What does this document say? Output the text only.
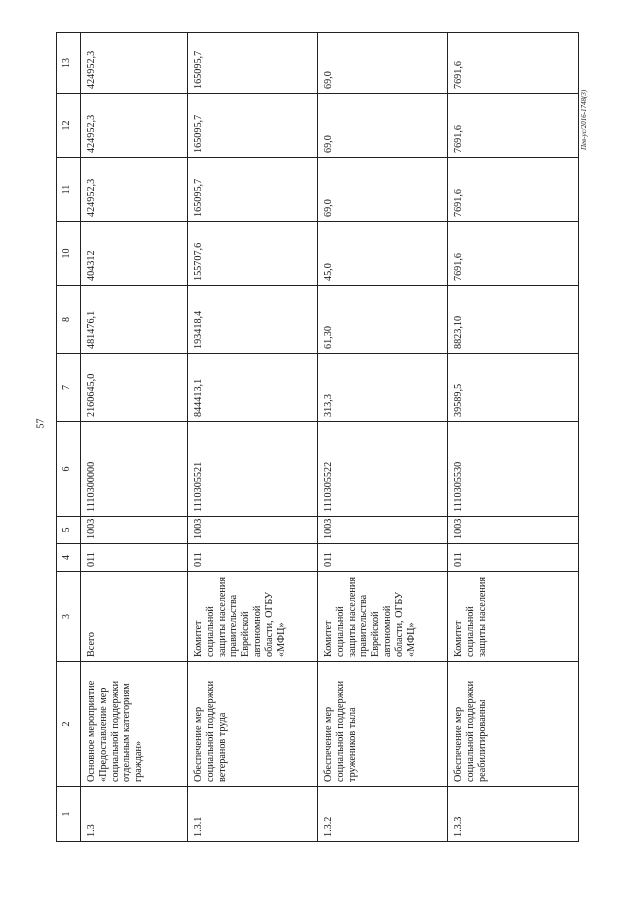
57
Пев-ус/2016-1748(3)
1
2
3
4
5
6
7
8
10
11
12
13
1.3
Основное мероприятие «Предоставление мер социальной поддержки отдельным категориям граждан»
Всего
011
1003
1110300000
2160645,0
481476,1
404312
424952,3
424952,3
424952,3
1.3.1
Обеспечение мер социальной поддержки ветеранов труда
Комитет социальной защиты населения правительства Еврейской автономной области, ОГБУ «МФЦ»
011
1003
1110305521
844413,1
193418,4
155707,6
165095,7
165095,7
165095,7
1.3.2
Обеспечение мер социальной поддержки тружеников тыла
Комитет социальной защиты населения правительства Еврейской автономной области, ОГБУ «МФЦ»
011
1003
1110305522
313,3
61,30
45,0
69,0
69,0
69,0
1.3.3
Обеспечение мер социальной поддержки реабилитированны
Комитет социальной защиты населения
011
1003
1110305530
39589,5
8823,10
7691,6
7691,6
7691,6
7691,6
